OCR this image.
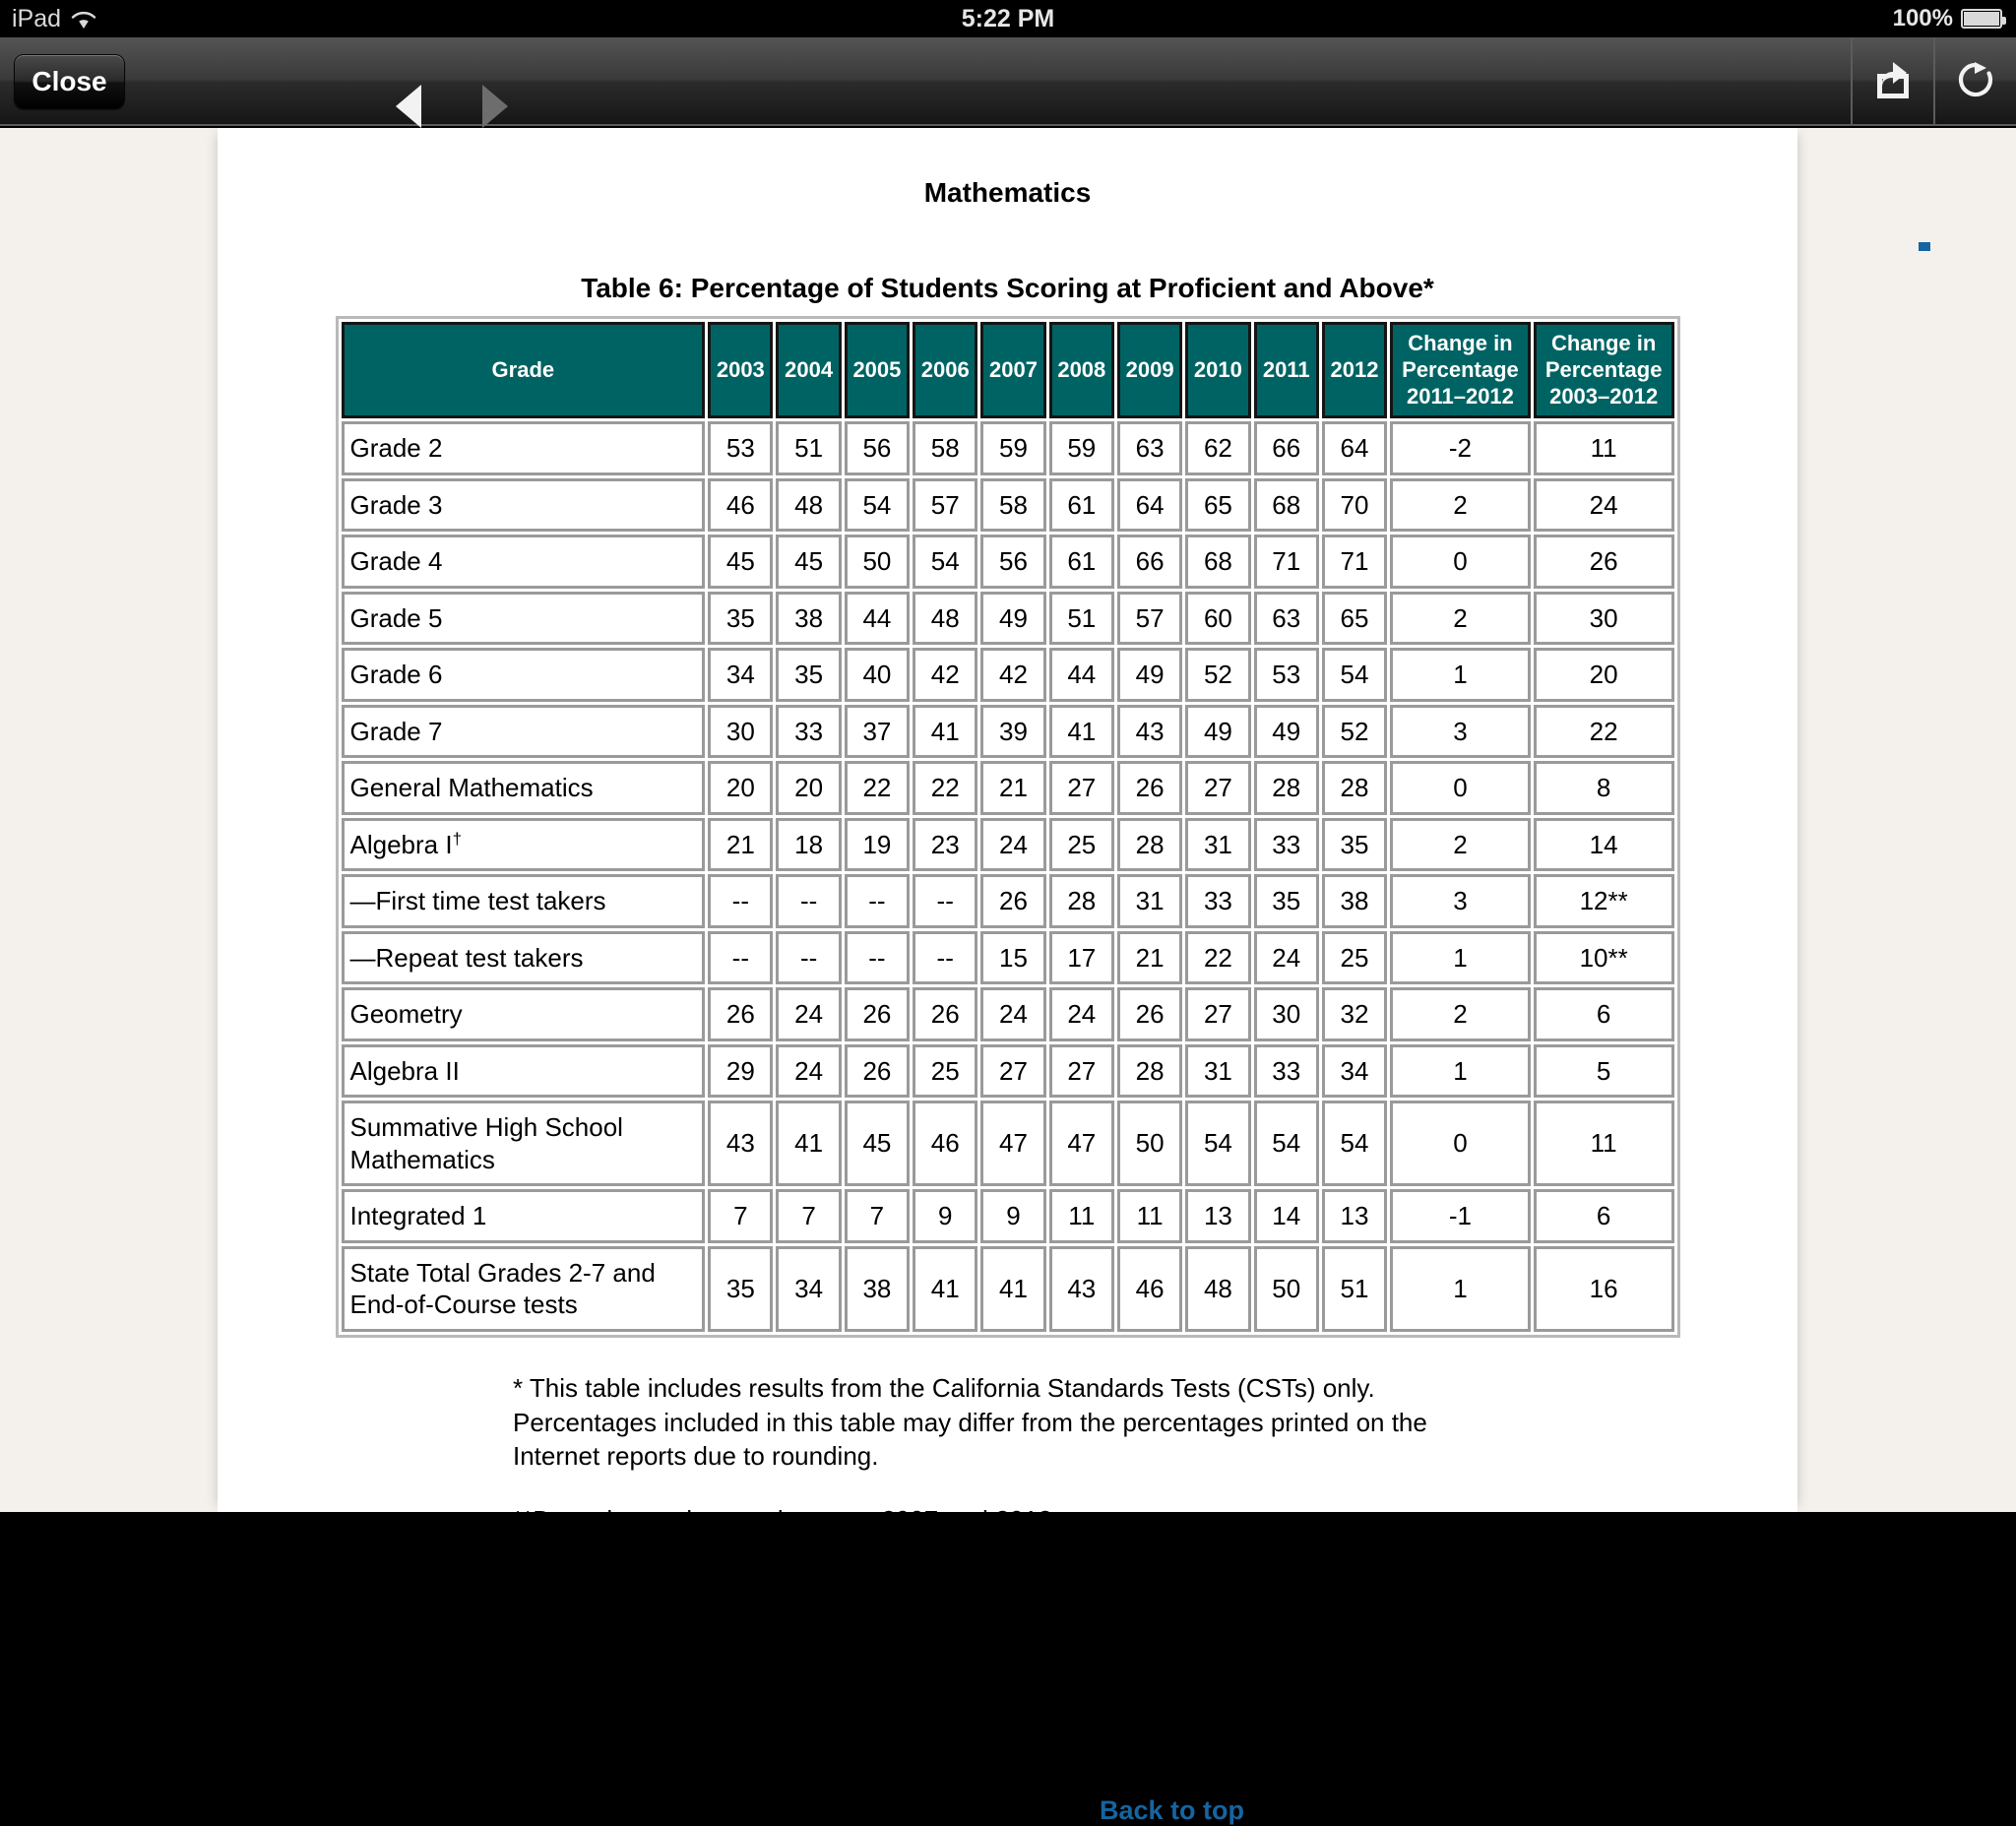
iPad	5:22 PM	100%
Close
Mathematics
Table 6: Percentage of Students Scoring at Proficient and Above*
Grade	2003	2004	2005	2006	2007	2008	2009	2010	2011	2012	Change in
Percentage
2011–2012	Change in
Percentage
2003–2012
Grade 2	53	51	56	58	59	59	63	62	66	64	-2	11
Grade 3	46	48	54	57	58	61	64	65	68	70	2	24
Grade 4	45	45	50	54	56	61	66	68	71	71	0	26
Grade 5	35	38	44	48	49	51	57	60	63	65	2	30
Grade 6	34	35	40	42	42	44	49	52	53	54	1	20
Grade 7	30	33	37	41	39	41	43	49	49	52	3	22
General Mathematics	20	20	22	22	21	27	26	27	28	28	0	8
Algebra I†	21	18	19	23	24	25	28	31	33	35	2	14
—First time test takers	--	--	--	--	26	28	31	33	35	38	3	12**
—Repeat test takers	--	--	--	--	15	17	21	22	24	25	1	10**
Geometry	26	24	26	26	24	24	26	27	30	32	2	6
Algebra II	29	24	26	25	27	27	28	31	33	34	1	5
Summative High School Mathematics	43	41	45	46	47	47	50	54	54	54	0	11
Integrated 1	7	7	7	9	9	11	11	13	14	13	-1	6
State Total Grades 2-7 and End-of-Course tests	35	34	38	41	41	43	46	48	50	51	1	16

* This table includes results from the California Standards Tests (CSTs) only. Percentages included in this table may differ from the percentages printed on the Internet reports due to rounding.

**Data shows changes between 2007 and 2012.

†Prior to 2007, Algebra I was an end-of-course test for grades eight through eleven students. Beginning in 2007, students in grade seven were allowed to take the Algebra I test.

Note: The results for Integrated Mathematics 2 and 3 are not reported due to the small numbers of test-takers.

Back to top
